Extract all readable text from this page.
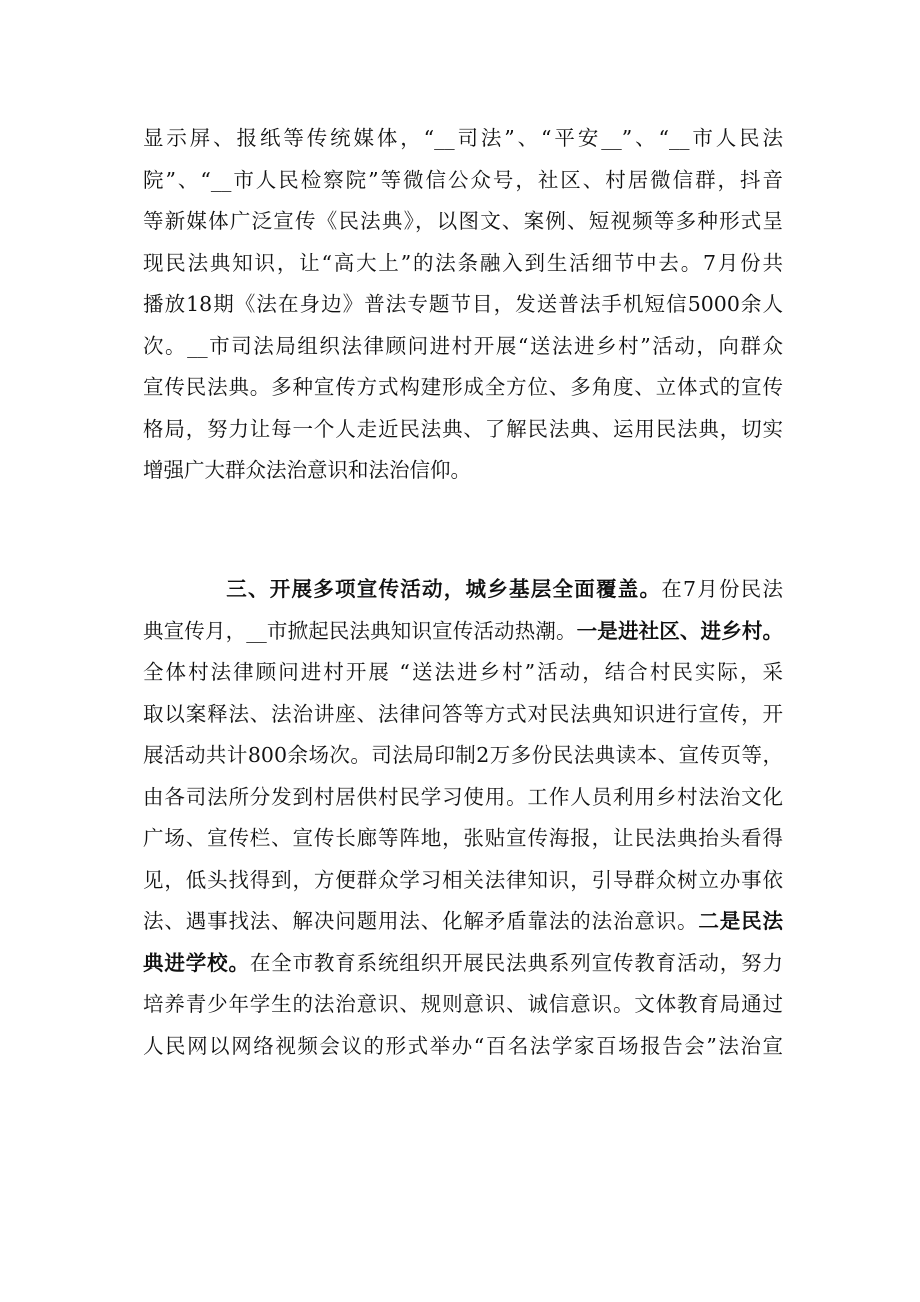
显示屏、报纸等传统媒体，“__司法”、“平安__”、“__市人民法
院”、“__市人民检察院”等微信公众号，社区、村居微信群，抖音
等新媒体广泛宣传《民法典》，以图文、案例、短视频等多种形式呈
现民法典知识，让“高大上”的法条融入到生活细节中去。7月份共
播放18期《法在身边》普法专题节目，发送普法手机短信5000余人
次。__市司法局组织法律顾问进村开展“送法进乡村”活动，向群众
宣传民法典。多种宣传方式构建形成全方位、多角度、立体式的宣传
格局，努力让每一个人走近民法典、了解民法典、运用民法典，切实
增强广大群众法治意识和法治信仰。
三、开展多项宣传活动，城乡基层全面覆盖。在7月份民法
典宣传月，__市掀起民法典知识宣传活动热潮。一是进社区、进乡村。
全体村法律顾问进村开展 “送法进乡村”活动，结合村民实际，采
取以案释法、法治讲座、法律问答等方式对民法典知识进行宣传，开
展活动共计800余场次。司法局印制2万多份民法典读本、宣传页等，
由各司法所分发到村居供村民学习使用。工作人员利用乡村法治文化
广场、宣传栏、宣传长廊等阵地，张贴宣传海报，让民法典抬头看得
见，低头找得到，方便群众学习相关法律知识，引导群众树立办事依
法、遇事找法、解决问题用法、化解矛盾靠法的法治意识。二是民法
典进学校。在全市教育系统组织开展民法典系列宣传教育活动，努力
培养青少年学生的法治意识、规则意识、诚信意识。文体教育局通过
人民网以网络视频会议的形式举办“百名法学家百场报告会”法治宣
